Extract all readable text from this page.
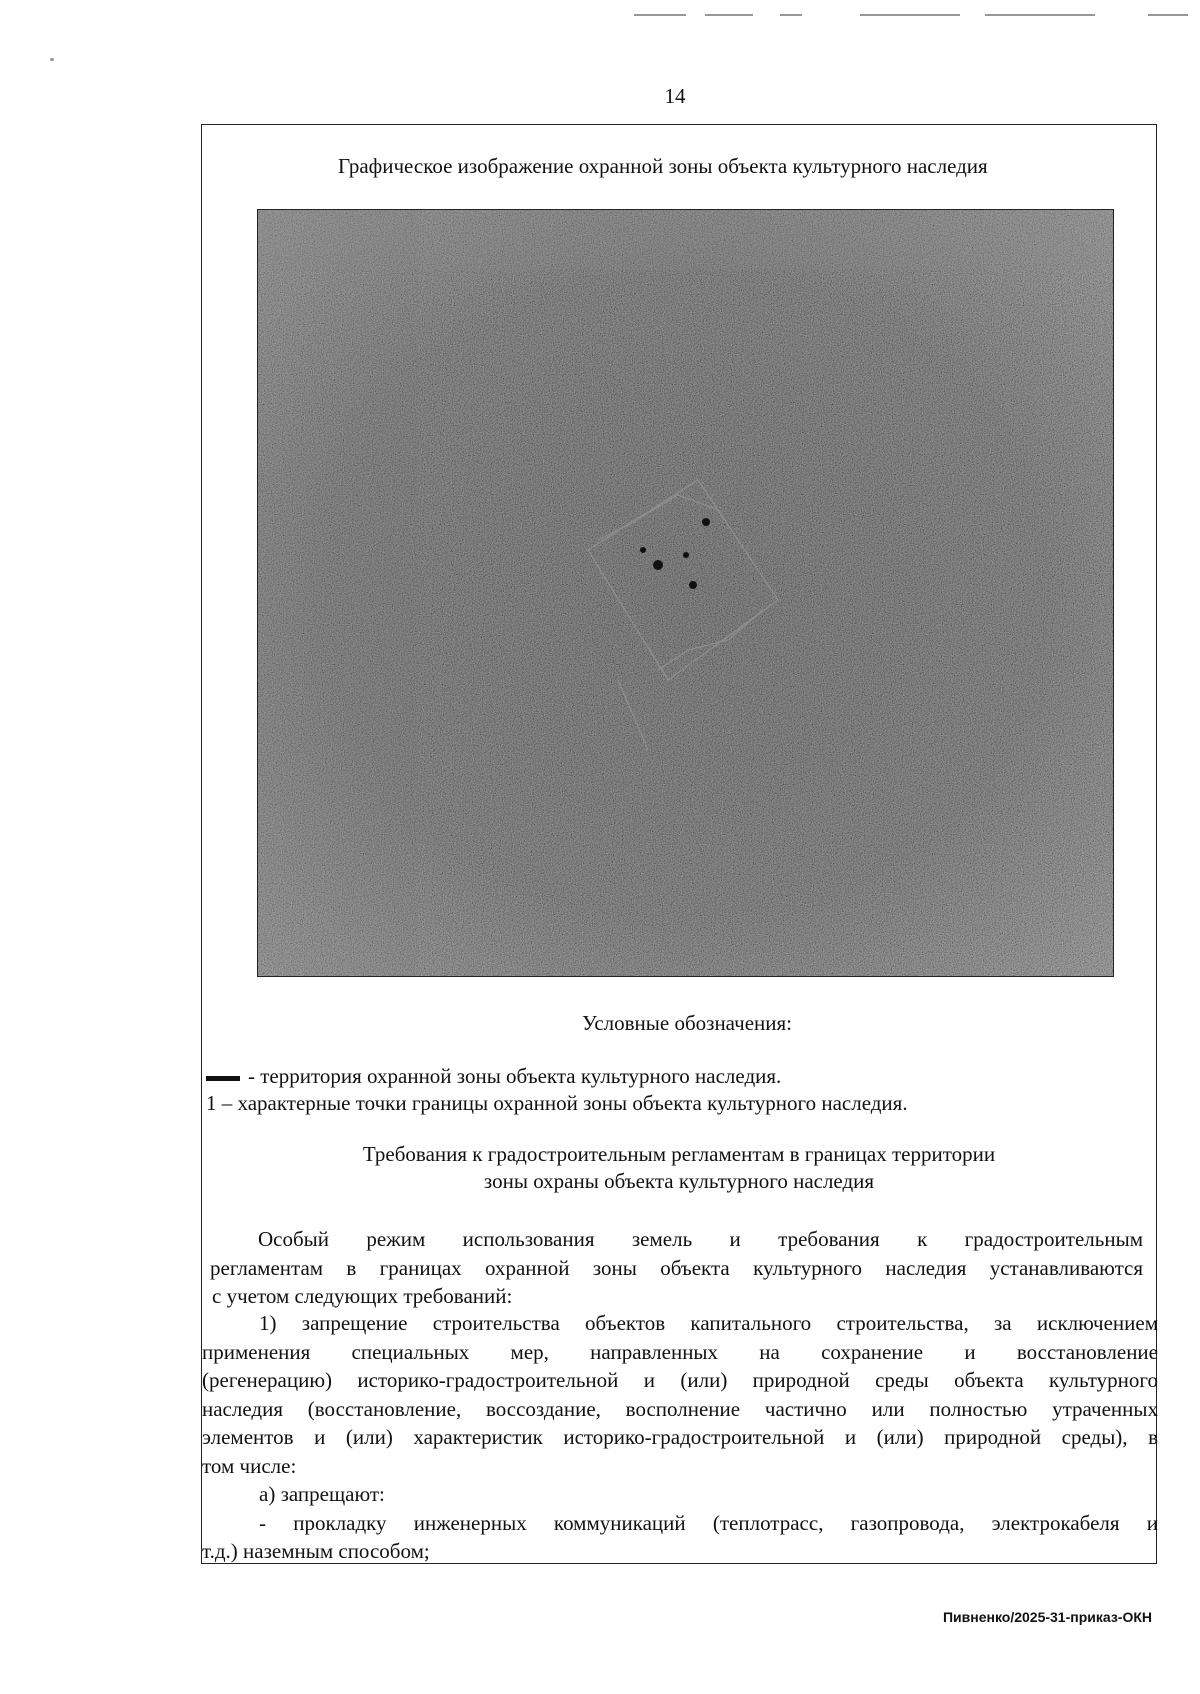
14
Графическое изображение охранной зоны объекта культурного наследия
Условные обозначения:
- территория охранной зоны объекта культурного наследия.
1 – характерные точки границы охранной зоны объекта культурного наследия.
Требования к градостроительным регламентам в границах территории
зоны охраны объекта культурного наследия
Особый режим использования земель и требования к градостроительным
регламентам в границах охранной зоны объекта культурного наследия устанавливаются
с учетом следующих требований:
1) запрещение строительства объектов капитального строительства, за исключением
применения специальных мер, направленных на сохранение и восстановление
(регенерацию) историко-градостроительной и (или) природной среды объекта культурного
наследия (восстановление, воссоздание, восполнение частично или полностью утраченных
элементов и (или) характеристик историко-градостроительной и (или) природной среды), в
том числе:
а) запрещают:
- прокладку инженерных коммуникаций (теплотрасс, газопровода, электрокабеля и
т.д.) наземным способом;
Пивненко/2025-31-приказ-ОКН
